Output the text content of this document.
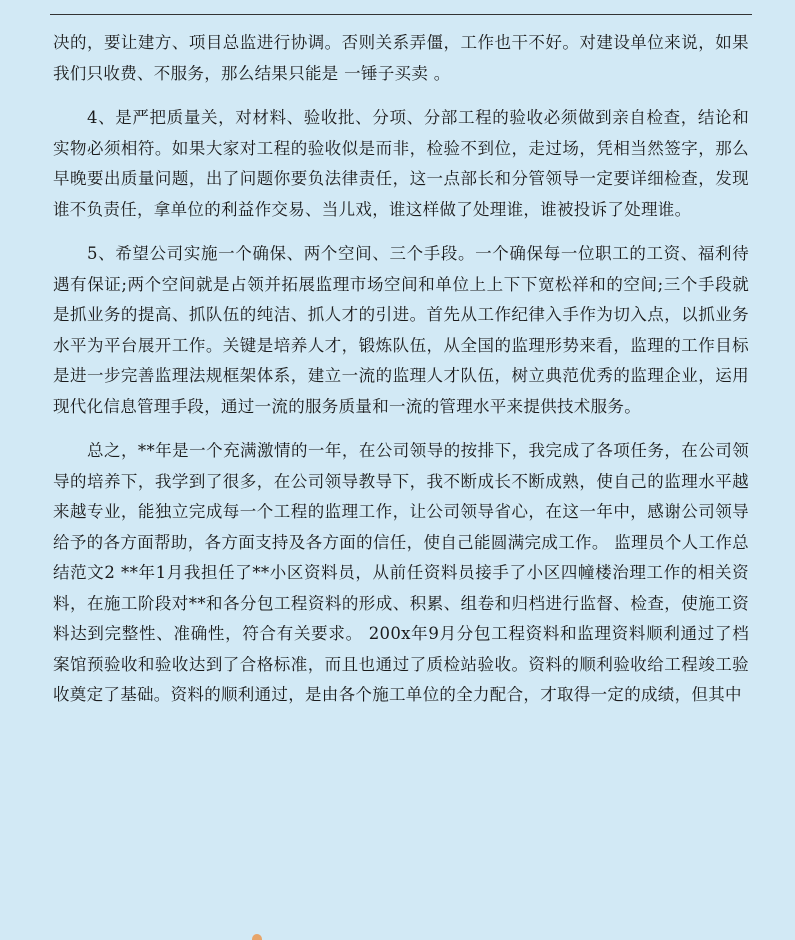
决的，要让建方、项目总监进行协调。否则关系弄僵，工作也干不好。对建设单位来说，如果我们只收费、不服务，那么结果只能是 一锤子买卖 。

4、是严把质量关，对材料、验收批、分项、分部工程的验收必须做到亲自检查，结论和实物必须相符。如果大家对工程的验收似是而非，检验不到位，走过场，凭相当然签字，那么早晚要出质量问题，出了问题你要负法律责任，这一点部长和分管领导一定要详细检查，发现谁不负责任，拿单位的利益作交易、当儿戏，谁这样做了处理谁，谁被投诉了处理谁。

5、希望公司实施一个确保、两个空间、三个手段。一个确保每一位职工的工资、福利待遇有保证;两个空间就是占领并拓展监理市场空间和单位上上下下宽松祥和的空间;三个手段就是抓业务的提高、抓队伍的纯洁、抓人才的引进。首先从工作纪律入手作为切入点，以抓业务水平为平台展开工作。关键是培养人才，锻炼队伍，从全国的监理形势来看，监理的工作目标是进一步完善监理法规框架体系，建立一流的监理人才队伍，树立典范优秀的监理企业，运用现代化信息管理手段，通过一流的服务质量和一流的管理水平来提供技术服务。

总之，**年是一个充满激情的一年，在公司领导的按排下，我完成了各项任务，在公司领导的培养下，我学到了很多，在公司领导教导下，我不断成长不断成熟，使自己的监理水平越来越专业，能独立完成每一个工程的监理工作，让公司领导省心，在这一年中，感谢公司领导给予的各方面帮助，各方面支持及各方面的信任，使自己能圆满完成工作。 监理员个人工作总结范文2 **年1月我担任了**小区资料员，从前任资料员接手了小区四幢楼治理工作的相关资料，在施工阶段对**和各分包工程资料的形成、积累、组卷和归档进行监督、检查，使施工资料达到完整性、准确性，符合有关要求。 200x年9月分包工程资料和监理资料顺利通过了档案馆预验收和验收达到了合格标准，而且也通过了质检站验收。资料的顺利验收给工程竣工验收奠定了基础。资料的顺利通过，是由各个施工单位的全力配合，才取得一定的成绩，但其中
